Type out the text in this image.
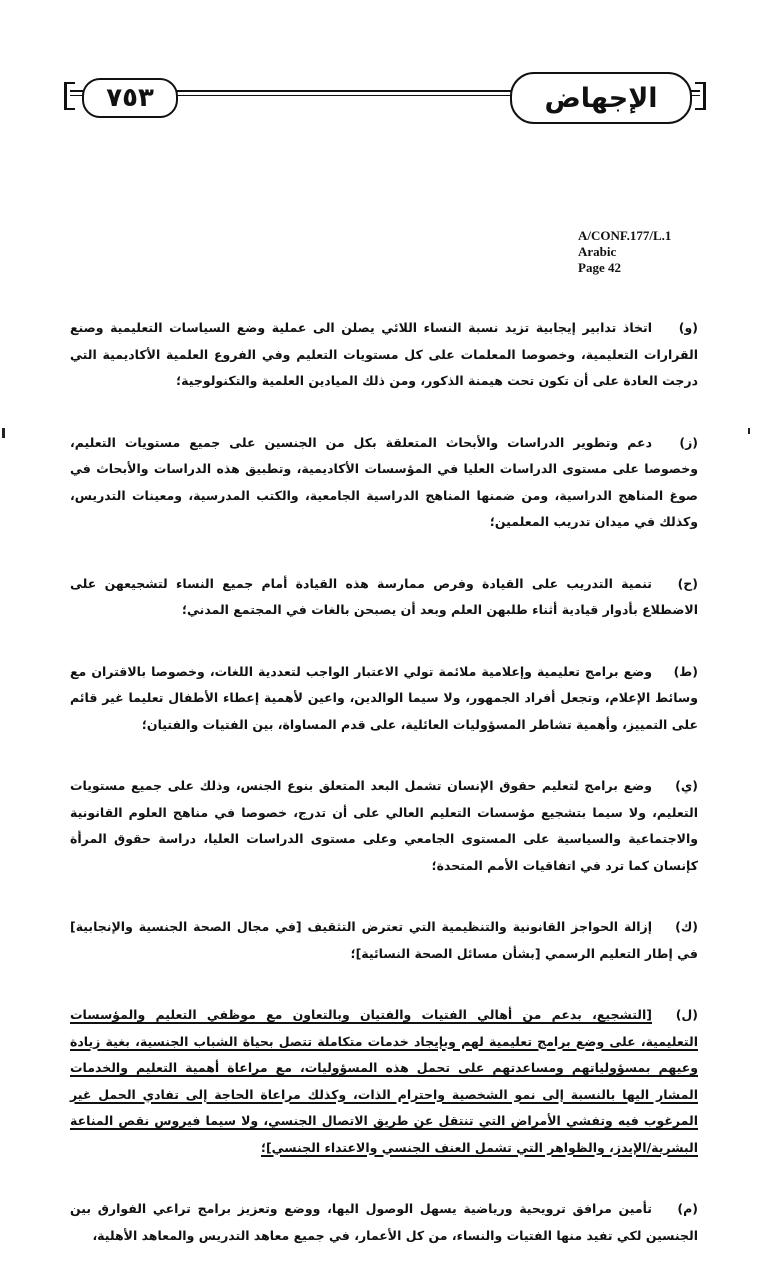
٧٥٣	الإجهاض
A/CONF.177/L.1
Arabic
Page 42

(و)اتخاذ تدابير إيجابية تزيد نسبة النساء اللائي يصلن الى عملية وضع السياسات التعليمية وصنع القرارات التعليمية، وخصوصا المعلمات على كل مستويات التعليم وفي الفروع العلمية الأكاديمية التي درجت العادة على أن تكون تحت هيمنة الذكور، ومن ذلك الميادين العلمية والتكنولوجية؛

(ز)دعم وتطوير الدراسات والأبحاث المتعلقة بكل من الجنسين على جميع مستويات التعليم، وخصوصا على مستوى الدراسات العليا في المؤسسات الأكاديمية، وتطبيق هذه الدراسات والأبحاث في صوغ المناهج الدراسية، ومن ضمنها المناهج الدراسية الجامعية، والكتب المدرسية، ومعينات التدريس، وكذلك في ميدان تدريب المعلمين؛

(ح)تنمية التدريب على القيادة وفرص ممارسة هذه القيادة أمام جميع النساء لتشجيعهن على الاضطلاع بأدوار قيادية أثناء طلبهن العلم وبعد أن يصبحن بالغات في المجتمع المدني؛

(ط)وضع برامج تعليمية وإعلامية ملائمة تولي الاعتبار الواجب لتعددية اللغات، وخصوصا بالاقتران مع وسائط الإعلام، وتجعل أفراد الجمهور، ولا سيما الوالدين، واعين لأهمية إعطاء الأطفال تعليما غير قائم على التمييز، وأهمية تشاطر المسؤوليات العائلية، على قدم المساواة، بين الفتيات والفتيان؛

(ي)وضع برامج لتعليم حقوق الإنسان تشمل البعد المتعلق بنوع الجنس، وذلك على جميع مستويات التعليم، ولا سيما بتشجيع مؤسسات التعليم العالي على أن تدرج، خصوصا في مناهج العلوم القانونية والاجتماعية والسياسية على المستوى الجامعي وعلى مستوى الدراسات العليا، دراسة حقوق المرأة كإنسان كما ترد في اتفاقيات الأمم المتحدة؛

(ك)إزالة الحواجز القانونية والتنظيمية التي تعترض التثقيف [في مجال الصحة الجنسية والإنجابية] في إطار التعليم الرسمي [بشأن مسائل الصحة النسائية]؛

(ل)[التشجيع، بدعم من أهالي الفتيات والفتيان وبالتعاون مع موظفي التعليم والمؤسسات التعليمية، على وضع برامج تعليمية لهم وبإيجاد خدمات متكاملة تتصل بحياة الشباب الجنسية، بغية زيادة وعيهم بمسؤولياتهم ومساعدتهم على تحمل هذه المسؤوليات، مع مراعاة أهمية التعليم والخدمات المشار اليها بالنسبة إلى نمو الشخصية واحترام الذات، وكذلك مراعاة الحاجة إلى تفادي الحمل غير المرغوب فيه وتفشي الأمراض التي تنتقل عن طريق الاتصال الجنسي، ولا سيما فيروس نقص المناعة البشرية/الإيدز، والظواهر التي تشمل العنف الجنسي والاعتداء الجنسي]؛

(م)تأمين مرافق ترويحية ورياضية يسهل الوصول اليها، ووضع وتعزيز برامج تراعي الفوارق بين الجنسين لكي تفيد منها الفتيات والنساء، من كل الأعمار، في جميع معاهد التدريس والمعاهد الأهلية،
